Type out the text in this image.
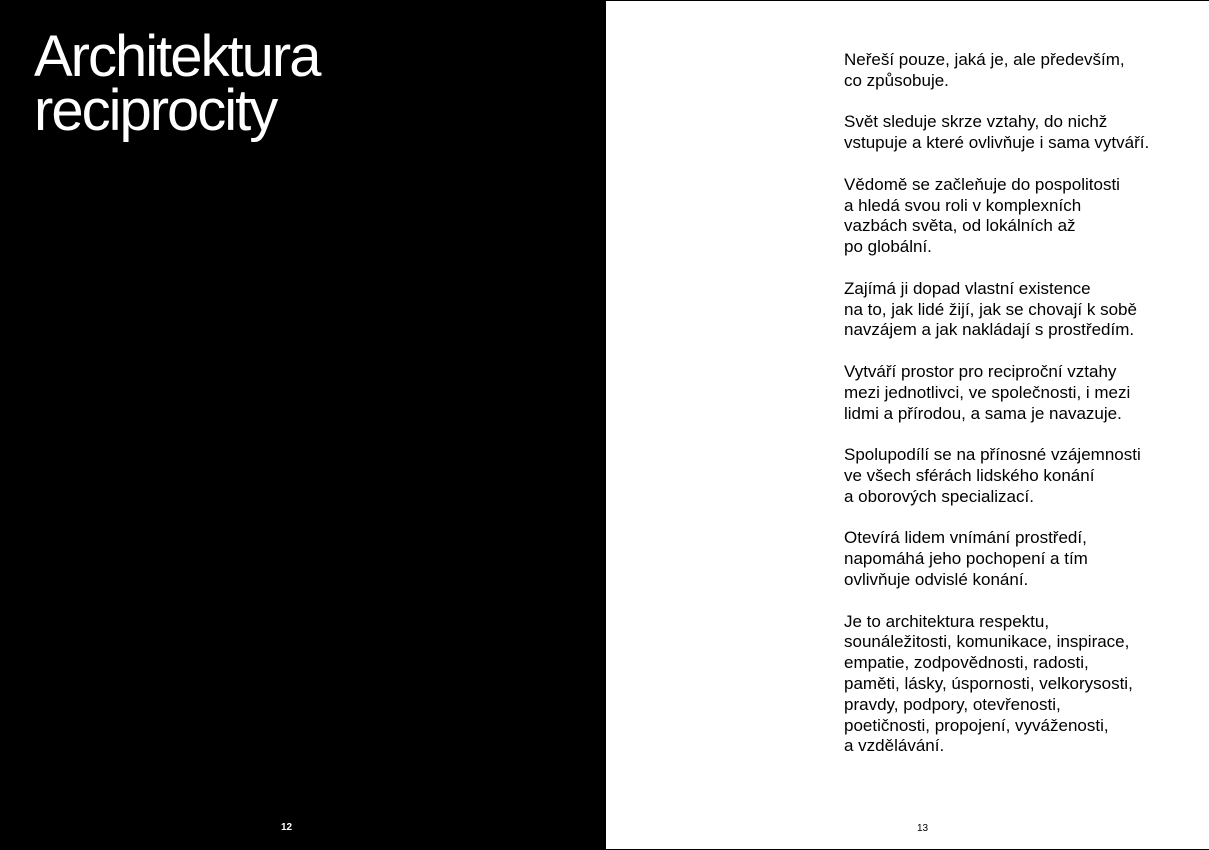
Architektura
reciprocity
12

Neřeší pouze, jaká je, ale především,
co způsobuje.

Svět sleduje skrze vztahy, do nichž
vstupuje a které ovlivňuje i sama vytváří.

Vědomě se začleňuje do pospolitosti
a hledá svou roli v komplexních
vazbách světa, od lokálních až
po globální.

Zajímá ji dopad vlastní existence
na to, jak lidé žijí, jak se chovají k sobě
navzájem a jak nakládají s prostředím.

Vytváří prostor pro reciproční vztahy
mezi jednotlivci, ve společnosti, i mezi
lidmi a přírodou, a sama je navazuje.

Spolupodílí se na přínosné vzájemnosti
ve všech sférách lidského konání
a oborových specializací.

Otevírá lidem vnímání prostředí,
napomáhá jeho pochopení a tím
ovlivňuje odvislé konání.

Je to architektura respektu,
sounáležitosti, komunikace, inspirace,
empatie, zodpovědnosti, radosti,
paměti, lásky, úspornosti, velkorysosti,
pravdy, podpory, otevřenosti,
poetičnosti, propojení, vyváženosti,
a vzdělávání.

13
